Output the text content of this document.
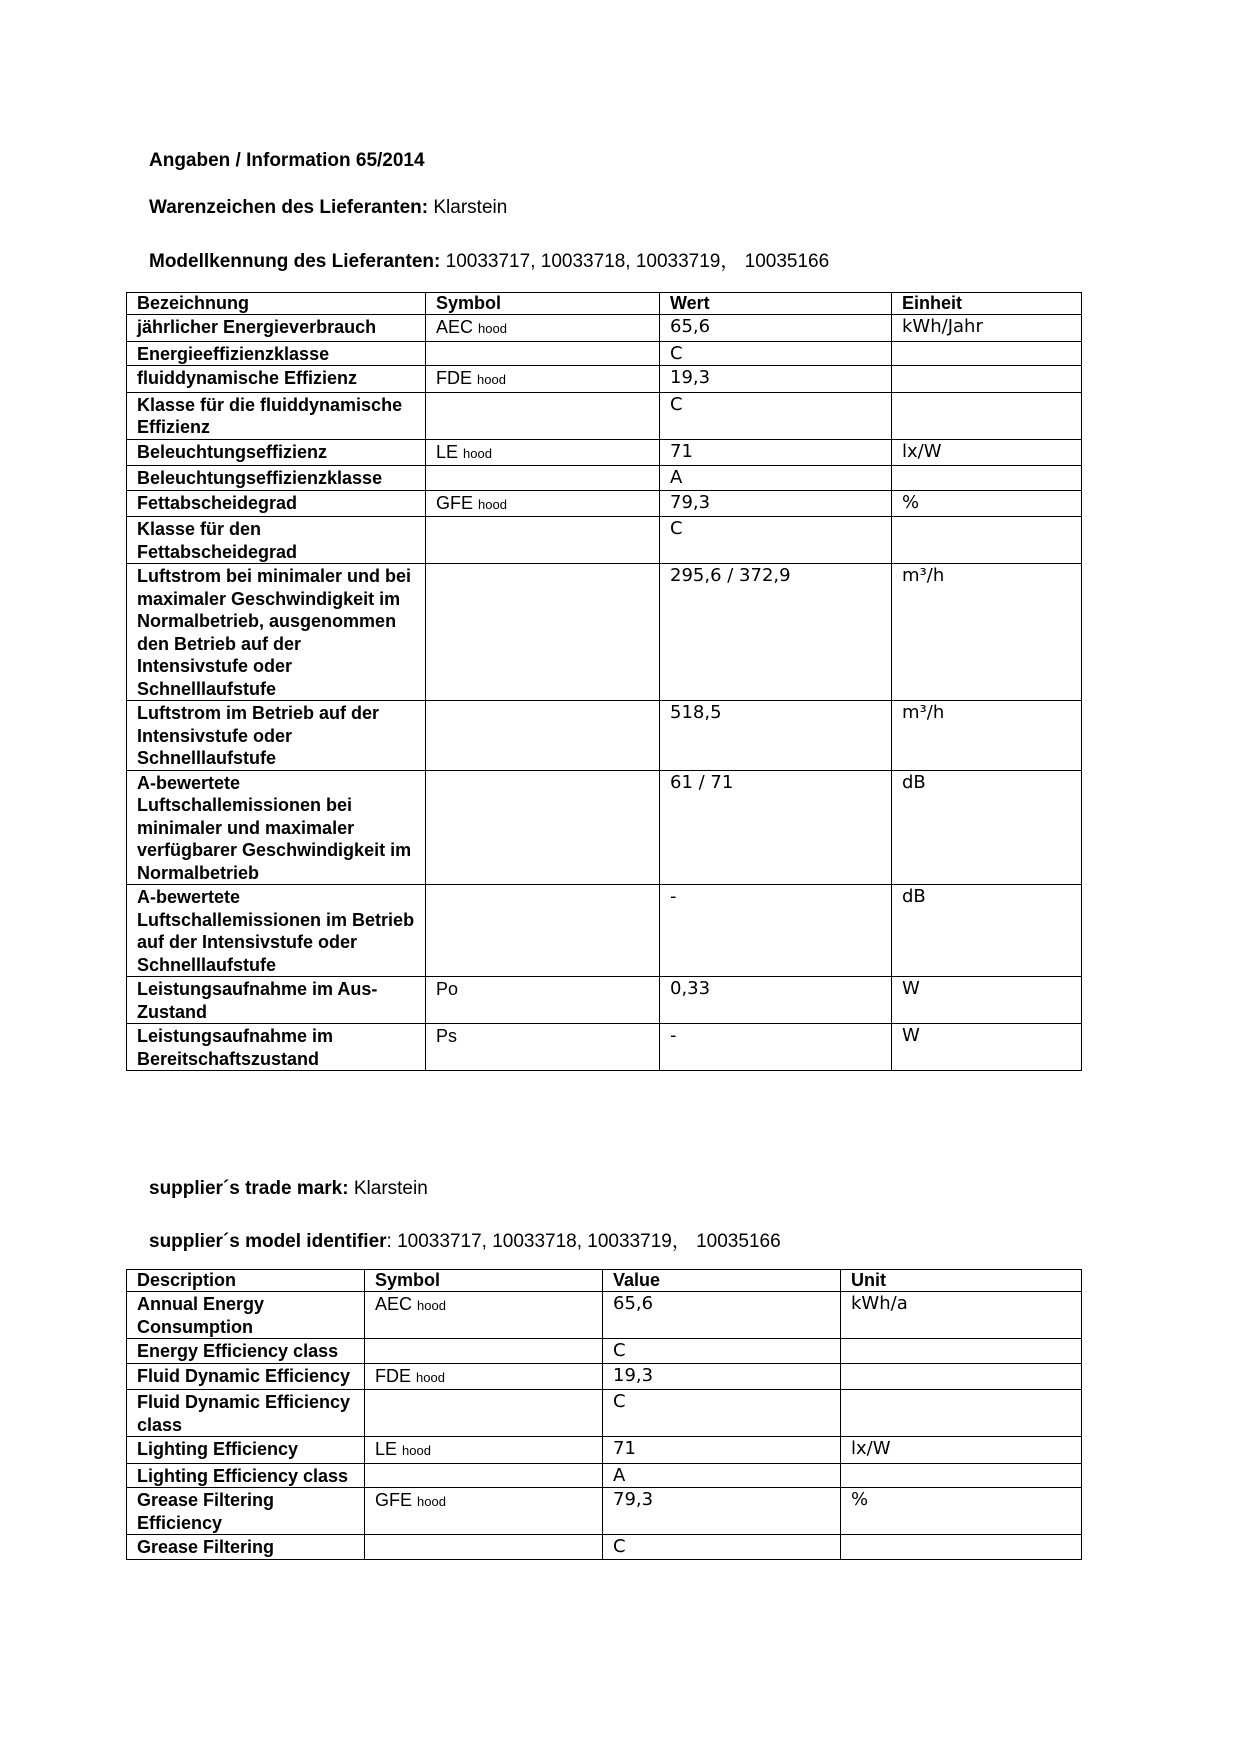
Angaben / Information 65/2014
Warenzeichen des Lieferanten: Klarstein
Modellkennung des Lieferanten: 10033717, 10033718, 10033719， 10035166
Bezeichnung	Symbol	Wert	Einheit
jährlicher Energieverbrauch	AEC hood	65,6	kWh/Jahr
Energieeffizienzklasse		C	
fluiddynamische Effizienz	FDE hood	19,3	
Klasse für die fluiddynamische Effizienz		C	
Beleuchtungseffizienz	LE hood	71	lx/W
Beleuchtungseffizienzklasse		A	
Fettabscheidegrad	GFE hood	79,3	%
Klasse für den Fettabscheidegrad		C	
Luftstrom bei minimaler und bei maximaler Geschwindigkeit im Normalbetrieb, ausgenommen den Betrieb auf der Intensivstufe oder Schnelllaufstufe		295,6 / 372,9	m³/h
Luftstrom im Betrieb auf der Intensivstufe oder Schnelllaufstufe		518,5	m³/h
A-bewertete Luftschallemissionen bei minimaler und maximaler verfügbarer Geschwindigkeit im Normalbetrieb		61 / 71	dB
A-bewertete Luftschallemissionen im Betrieb auf der Intensivstufe oder Schnelllaufstufe		-	dB
Leistungsaufnahme im Aus-Zustand	Po	0,33	W
Leistungsaufnahme im Bereitschaftszustand	Ps	-	W
supplier´s trade mark: Klarstein
supplier´s model identifier: 10033717, 10033718, 10033719， 10035166
Description	Symbol	Value	Unit
Annual Energy Consumption	AEC hood	65,6	kWh/a
Energy Efficiency class		C	
Fluid Dynamic Efficiency	FDE hood	19,3	
Fluid Dynamic Efficiency class		C	
Lighting Efficiency	LE hood	71	lx/W
Lighting Efficiency class		A	
Grease Filtering Efficiency	GFE hood	79,3	%
Grease Filtering		C	
